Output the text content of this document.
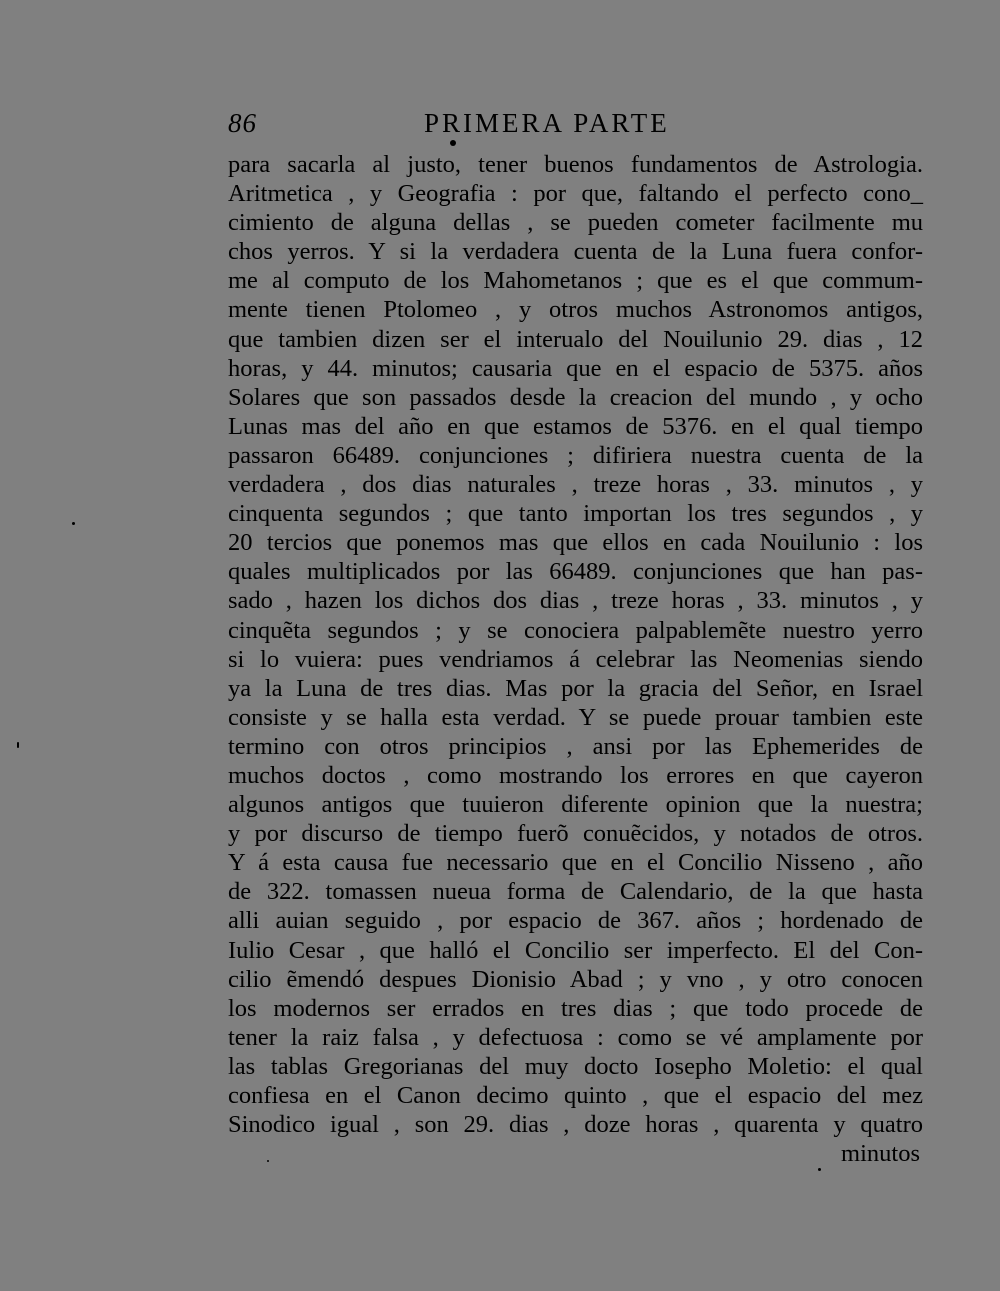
86	PRIMERA PARTE
para sacarla al justo, tener buenos fundamentos de Astrologia.
Aritmetica , y Geografia : por que, faltando el perfecto cono_
cimiento de alguna dellas , se pueden cometer facilmente mu
chos yerros. Y si la verdadera cuenta de la Luna fuera confor-
me al computo de los Mahometanos ; que es el que commum-
mente tienen Ptolomeo , y otros muchos Astronomos antigos,
que tambien dizen ser el interualo del Nouilunio 29. dias , 12
horas, y 44. minutos; causaria que en el espacio de 5375. años
Solares que son passados desde la creacion del mundo , y ocho
Lunas mas del año en que estamos de 5376. en el qual tiempo
passaron 66489. conjunciones ; difiriera nuestra cuenta de la
verdadera , dos dias naturales , treze horas , 33. minutos , y
cinquenta segundos ; que tanto importan los tres segundos , y
20 tercios que ponemos mas que ellos en cada Nouilunio : los
quales multiplicados por las 66489. conjunciones que han pas-
sado , hazen los dichos dos dias , treze horas , 33. minutos , y
cinquẽta segundos ; y se conociera palpablemẽte nuestro yerro
si lo vuiera: pues vendriamos á celebrar las Neomenias siendo
ya la Luna de tres dias. Mas por la gracia del Señor, en Israel
consiste y se halla esta verdad. Y se puede prouar tambien este
termino con otros principios , ansi por las Ephemerides de
muchos doctos , como mostrando los errores en que cayeron
algunos antigos que tuuieron diferente opinion que la nuestra;
y por discurso de tiempo fuerõ conuẽcidos, y notados de otros.
Y á esta causa fue necessario que en el Concilio Nisseno , año
de 322. tomassen nueua forma de Calendario, de la que hasta
alli auian seguido , por espacio de 367. años ; hordenado de
Iulio Cesar , que halló el Concilio ser imperfecto. El del Con-
cilio ẽmendó despues Dionisio Abad ; y vno , y otro conocen
los modernos ser errados en tres dias ; que todo procede de
tener la raiz falsa , y defectuosa : como se vé amplamente por
las tablas Gregorianas del muy docto Iosepho Moletio: el qual
confiesa en el Canon decimo quinto , que el espacio del mez
Sinodico igual , son 29. dias , doze horas , quarenta y quatro
minutos
